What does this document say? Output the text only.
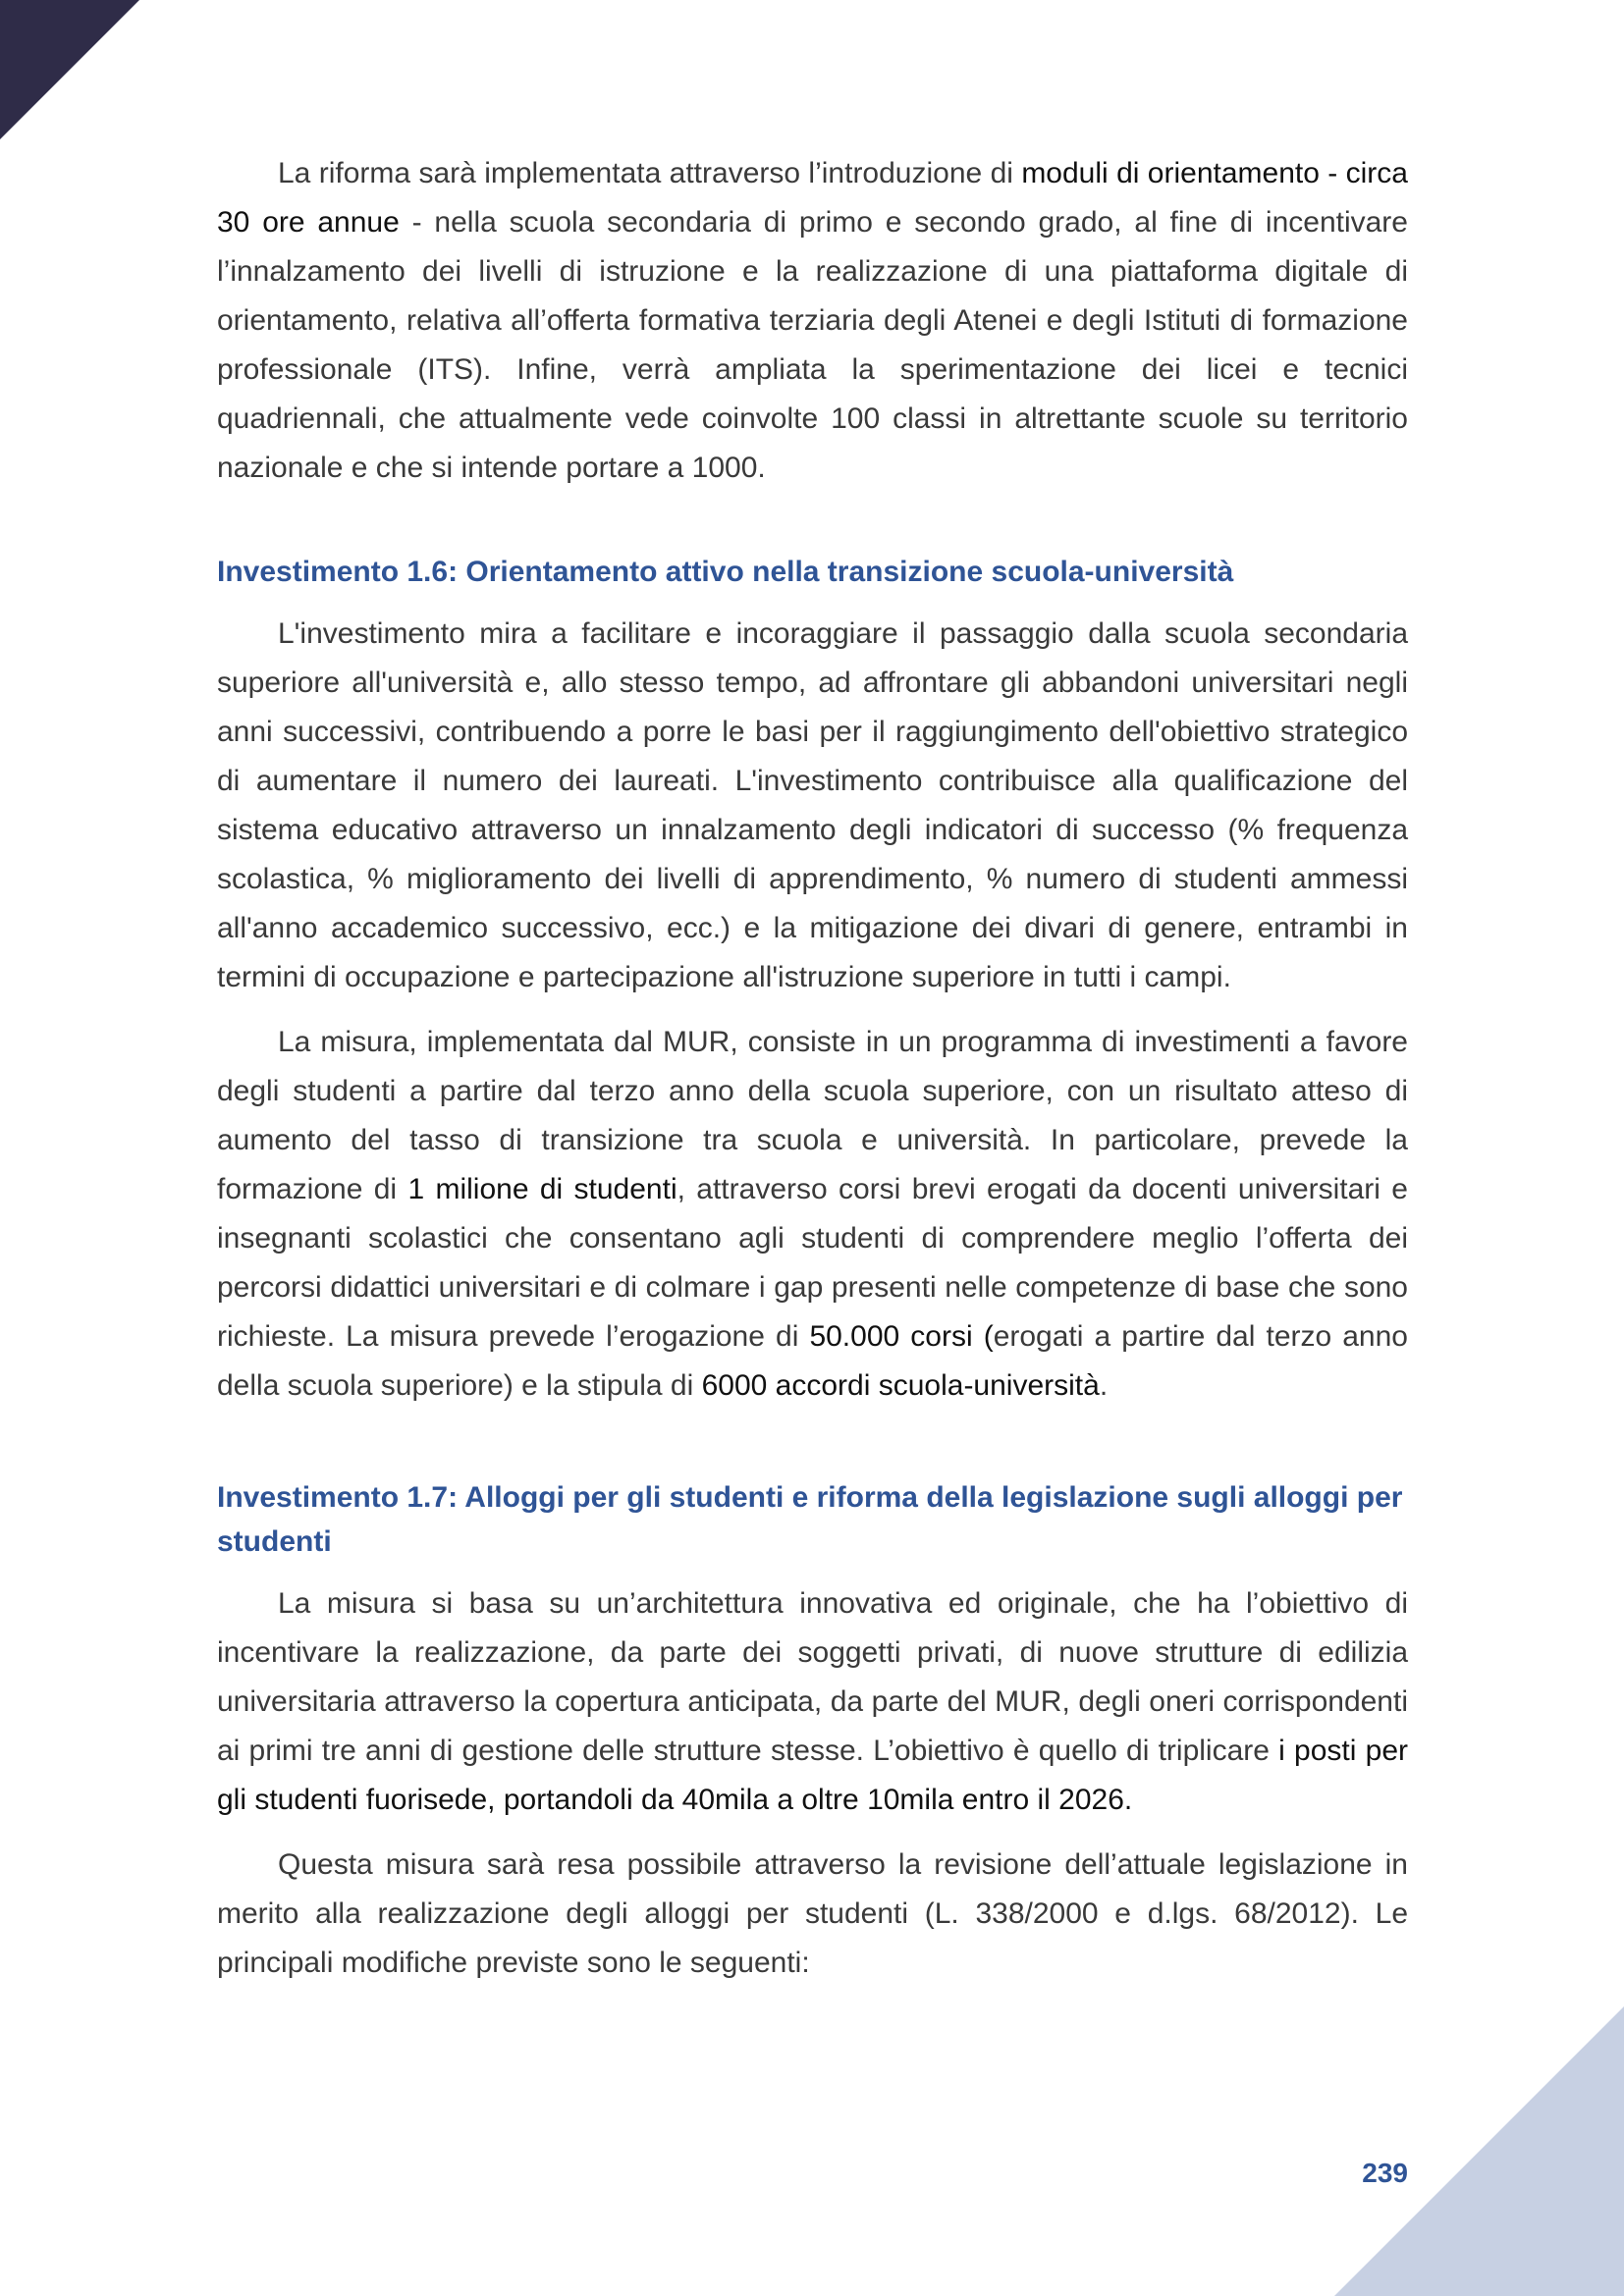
La riforma sarà implementata attraverso l’introduzione di moduli di orientamento - circa 30 ore annue - nella scuola secondaria di primo e secondo grado, al fine di incentivare l’innalzamento dei livelli di istruzione e la realizzazione di una piattaforma digitale di orientamento, relativa all’offerta formativa terziaria degli Atenei e degli Istituti di formazione professionale (ITS). Infine, verrà ampliata la sperimentazione dei licei e tecnici quadriennali, che attualmente vede coinvolte 100 classi in altrettante scuole su territorio nazionale e che si intende portare a 1000.

Investimento 1.6: Orientamento attivo nella transizione scuola-università

L'investimento mira a facilitare e incoraggiare il passaggio dalla scuola secondaria superiore all'università e, allo stesso tempo, ad affrontare gli abbandoni universitari negli anni successivi, contribuendo a porre le basi per il raggiungimento dell'obiettivo strategico di aumentare il numero dei laureati. L'investimento contribuisce alla qualificazione del sistema educativo attraverso un innalzamento degli indicatori di successo (% frequenza scolastica, % miglioramento dei livelli di apprendimento, % numero di studenti ammessi all'anno accademico successivo, ecc.) e la mitigazione dei divari di genere, entrambi in termini di occupazione e partecipazione all'istruzione superiore in tutti i campi.

La misura, implementata dal MUR, consiste in un programma di investimenti a favore degli studenti a partire dal terzo anno della scuola superiore, con un risultato atteso di aumento del tasso di transizione tra scuola e università. In particolare, prevede la formazione di 1 milione di studenti, attraverso corsi brevi erogati da docenti universitari e insegnanti scolastici che consentano agli studenti di comprendere meglio l’offerta dei percorsi didattici universitari e di colmare i gap presenti nelle competenze di base che sono richieste. La misura prevede l’erogazione di 50.000 corsi (erogati a partire dal terzo anno della scuola superiore) e la stipula di 6000 accordi scuola-università.

Investimento 1.7: Alloggi per gli studenti e riforma della legislazione sugli alloggi per studenti

La misura si basa su un’architettura innovativa ed originale, che ha l’obiettivo di incentivare la realizzazione, da parte dei soggetti privati, di nuove strutture di edilizia universitaria attraverso la copertura anticipata, da parte del MUR, degli oneri corrispondenti ai primi tre anni di gestione delle strutture stesse. L’obiettivo è quello di triplicare i posti per gli studenti fuorisede, portandoli da 40mila a oltre 10mila entro il 2026.

Questa misura sarà resa possibile attraverso la revisione dell’attuale legislazione in merito alla realizzazione degli alloggi per studenti (L. 338/2000 e d.lgs. 68/2012). Le principali modifiche previste sono le seguenti:

239
